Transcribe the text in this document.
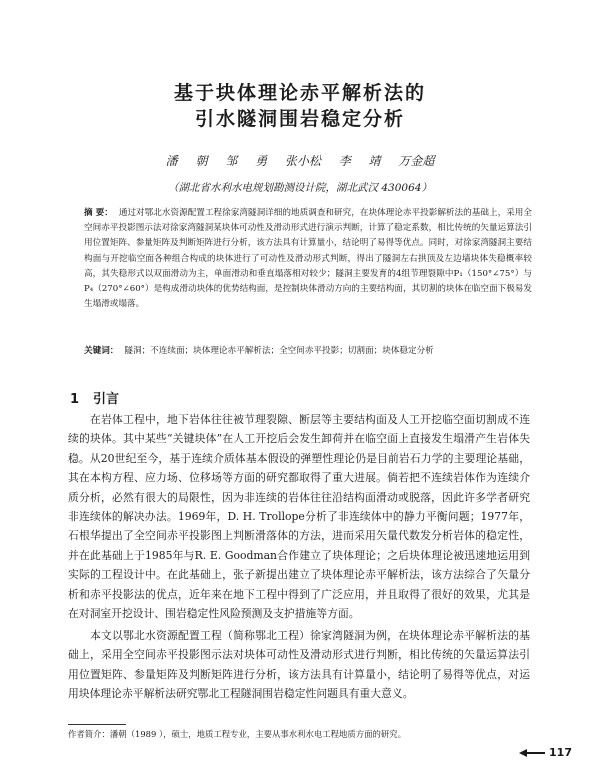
基于块体理论赤平解析法的
引水隧洞围岩稳定分析
潘 朝 邹 勇 张小松 李 靖 万金超
（湖北省水利水电规划勘测设计院，湖北武汉 430064）
摘 要： 通过对鄂北水资源配置工程徐家湾隧洞详细的地质调查和研究，在块体理论赤平投影解析法的基础上，采用全空间赤平投影图示法对徐家湾隧洞某块体可动性及滑动形式进行演示判断，计算了稳定系数，相比传统的矢量运算法引用位置矩阵、参量矩阵及判断矩阵进行分析，该方法具有计算量小，结论明了易得等优点。同时，对徐家湾隧洞主要结构面与开挖临空面各种组合构成的块体进行了可动性及滑动形式判断，得出了隧洞左右拱顶及左边墙块体失稳概率较高，其失稳形式以双面滑动为主，单面滑动和垂直塌落相对较少；隧洞主要发育的4组节理裂隙中P₁（150°∠75°）与P₄（270°∠60°）是构成滑动块体的优势结构面，是控制块体滑动方向的主要结构面，其切割的块体在临空面下极易发生塌滑或塌落。
关键词： 隧洞；不连续面；块体理论赤平解析法；全空间赤平投影；切割面；块体稳定分析
1 引言
在岩体工程中，地下岩体往往被节理裂隙、断层等主要结构面及人工开挖临空面切割成不连续的块体。其中某些“关键块体”在人工开挖后会发生卸荷并在临空面上直接发生塌滑产生岩体失稳。从20世纪至今，基于连续介质体基本假设的弹塑性理论仍是目前岩石力学的主要理论基础，其在本构方程、应力场、位移场等方面的研究都取得了重大进展。倘若把不连续岩体作为连续介质分析，必然有很大的局限性，因为非连续的岩体往往沿结构面滑动或脱落，因此许多学者研究非连续体的解决办法。1969年，D. H. Trollope分析了非连续体中的静力平衡问题；1977年，石根华提出了全空间赤平投影图上判断滑落体的方法，进而采用矢量代数发分析岩体的稳定性，并在此基础上于1985年与R. E. Goodman合作建立了块体理论；之后块体理论被迅速地运用到实际的工程设计中。在此基础上，张子新提出建立了块体理论赤平解析法，该方法综合了矢量分析和赤平投影法的优点，近年来在地下工程中得到了广泛应用，并且取得了很好的效果，尤其是在对洞室开挖设计、围岩稳定性风险预测及支护措施等方面。
本文以鄂北水资源配置工程（简称鄂北工程）徐家湾隧洞为例，在块体理论赤平解析法的基础上，采用全空间赤平投影图示法对块体可动性及滑动形式进行判断，相比传统的矢量运算法引用位置矩阵、参量矩阵及判断矩阵进行分析，该方法具有计算量小，结论明了易得等优点，对运用块体理论赤平解析法研究鄂北工程隧洞围岩稳定性问题具有重大意义。
作者简介：潘朝（1989 ），硕士，地质工程专业，主要从事水利水电工程地质方面的研究。
117
